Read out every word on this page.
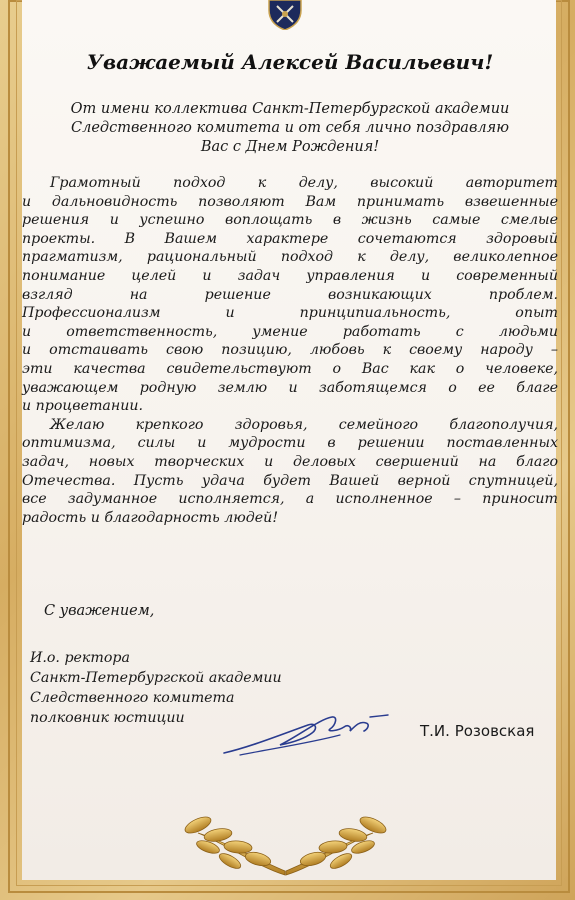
Уважаемый Алексей Васильевич!
От имени коллектива Санкт-Петербургской академии
Следственного комитета и от себя лично поздравляю
Вас с Днем Рождения!
Грамотный подход к делу, высокий авторитет
и дальновидность позволяют Вам принимать взвешенные
решения и успешно воплощать в жизнь самые смелые
проекты. В Вашем характере сочетаются здоровый
прагматизм, рациональный подход к делу, великолепное
понимание целей и задач управления и современный
взгляд на решение возникающих проблем.
Профессионализм и принципиальность, опыт
и ответственность, умение работать с людьми
и отстаивать свою позицию, любовь к своему народу –
эти качества свидетельствуют о Вас как о человеке,
уважающем родную землю и заботящемся о ее благе
и процветании.
Желаю крепкого здоровья, семейного благополучия,
оптимизма, силы и мудрости в решении поставленных
задач, новых творческих и деловых свершений на благо
Отечества. Пусть удача будет Вашей верной спутницей,
все задуманное исполняется, а исполненное – приносит
радость и благодарность людей!
С уважением,
И.о. ректора
Санкт-Петербургской академии
Следственного комитета
полковник юстиции
Т.И. Розовская
